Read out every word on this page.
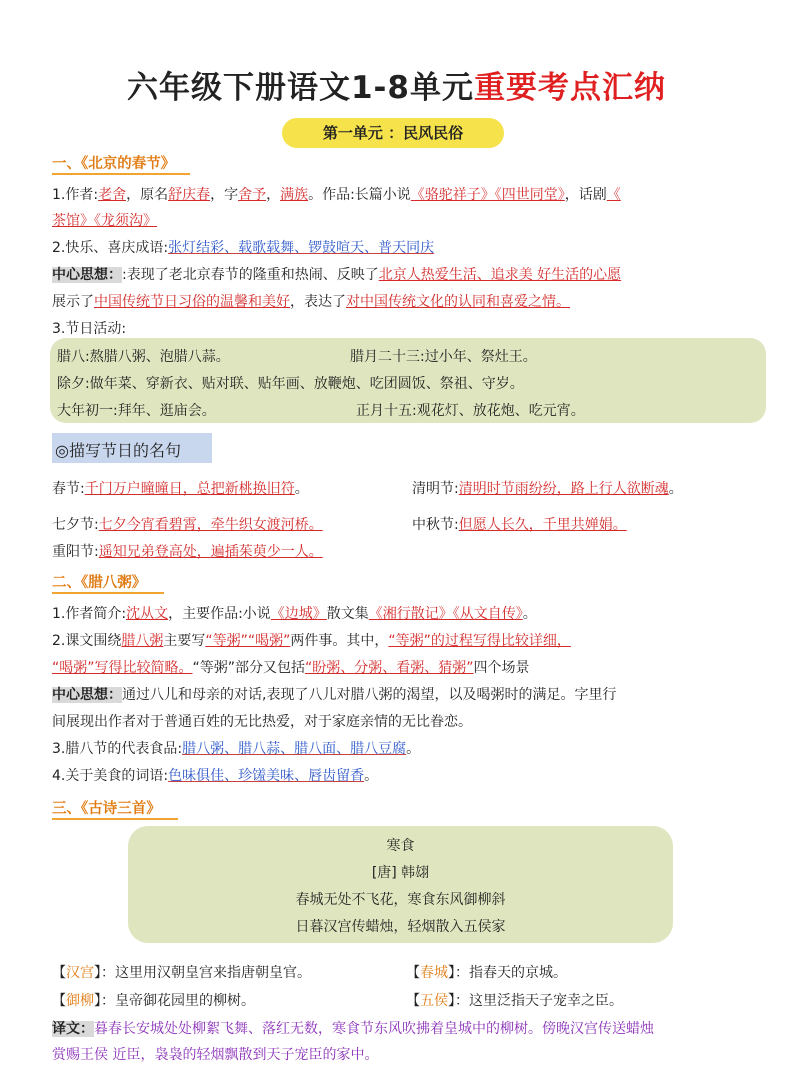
六年级下册语文1-8单元重要考点汇纳
第一单元 ：民风民俗
一、《北京的春节》
1.作者:老舍，原名舒庆春，字舍予，满族。作品:长篇小说《骆驼祥子》《四世同堂》，话剧《
茶馆》《龙须沟》
2.快乐、喜庆成语:张灯结彩、载歌载舞、锣鼓喧天、普天同庆
中心思想：:表现了老北京春节的隆重和热闹、反映了北京人热爱生活、追求美 好生活的心愿
展示了中国传统节日习俗的温馨和美好，表达了对中国传统文化的认同和喜爱之情。
3.节日活动:
腊八:熬腊八粥、泡腊八蒜。	腊月二十三:过小年、祭灶王。
除夕:做年菜、穿新衣、贴对联、贴年画、放鞭炮、吃团圆饭、祭祖、守岁。
大年初一:拜年、逛庙会。	正月十五:观花灯、放花炮、吃元宵。
◎描写节日的名句
春节:千门万户曈曈日，总把新桃换旧符。	清明节:清明时节雨纷纷，路上行人欲断魂。
七夕节:七夕今宵看碧霄，牵牛织女渡河桥。	中秋节:但愿人长久，千里共婵娟。
重阳节:遥知兄弟登高处，遍插茱萸少一人。
二、《腊八粥》
1.作者简介:沈从文，主要作品:小说《边城》散文集《湘行散记》《从文自传》。
2.课文围绕腊八粥主要写“等粥”“喝粥”两件事。其中，“等粥”的过程写得比较详细，
“喝粥”写得比较简略。“等粥”部分又包括“盼粥、分粥、看粥、猜粥”四个场景
中心思想：通过八儿和母亲的对话,表现了八儿对腊八粥的渴望，以及喝粥时的满足。字里行
间展现出作者对于普通百姓的无比热爱，对于家庭亲情的无比眷恋。
3.腊八节的代表食品:腊八粥、腊八蒜、腊八面、腊八豆腐。
4.关于美食的词语:色味俱佳、珍馐美味、唇齿留香。
三、《古诗三首》
寒食
[唐] 韩翃
春城无处不飞花，寒食东风御柳斜
日暮汉宫传蜡烛，轻烟散入五侯家
【汉宫】：这里用汉朝皇宫来指唐朝皇官。	【春城】：指春天的京城。
【御柳】：皇帝御花园里的柳树。	【五侯】：这里泛指天子宠幸之臣。
译文：暮春长安城处处柳絮飞舞、落红无数，寒食节东风吹拂着皇城中的柳树。傍晚汉宫传送蜡烛
赏赐王侯 近臣，袅袅的轻烟飘散到天子宠臣的家中。
